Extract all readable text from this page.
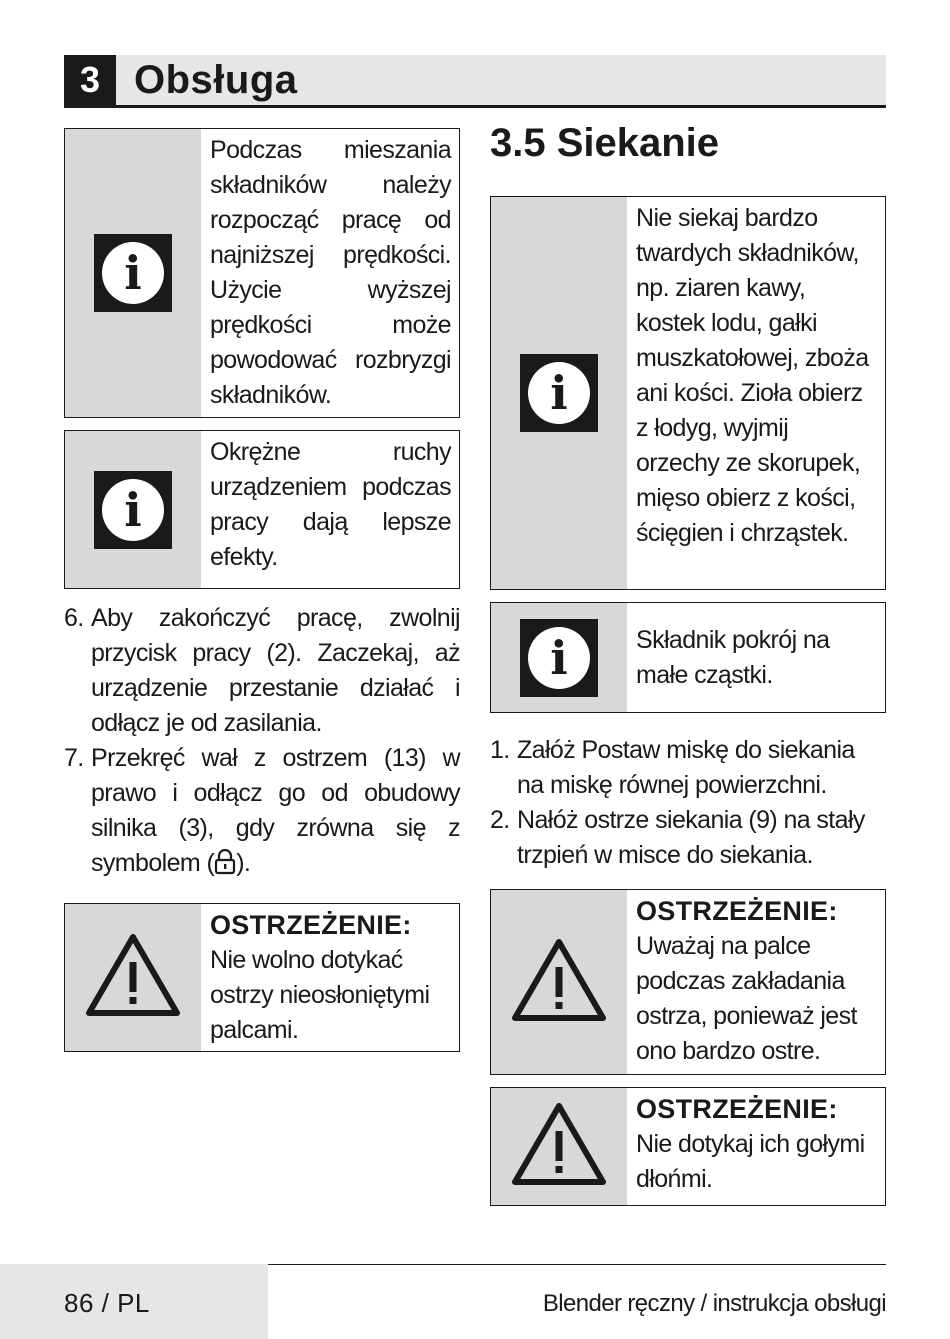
3 Obsługa
i
Podczas mieszania składników należy rozpocząć pracę od najniższej prędkości. Użycie wyższej prędkości może powodować rozbryzgi składników.
i
Okrężne ruchy urządzeniem podczas pracy dają lepsze efekty.
6. Aby zakończyć pracę, zwolnij przycisk pracy (2). Zaczekaj, aż urządzenie przestanie działać i odłącz je od zasilania.
7. Przekręć wał z ostrzem (13) w prawo i odłącz go od obudowy silnika (3), gdy zrówna się z symbolem ( ).
OSTRZEŻENIE:
Nie wolno dotykać ostrzy nieosłoniętymi palcami.
3.5 Siekanie
i
Nie siekaj bardzo twardych składników, np. ziaren kawy, kostek lodu, gałki muszkatołowej, zboża ani kości. Zioła obierz z łodyg, wyjmij orzechy ze skorupek, mięso obierz z kości, ścięgien i chrząstek.
i	Składnik pokrój na małe cząstki.
1. Załóż Postaw miskę do siekania na miskę równej powierzchni.
2. Nałóż ostrze siekania (9) na stały trzpień w misce do siekania.
OSTRZEŻENIE:
Uważaj na palce podczas zakładania ostrza, ponieważ jest ono bardzo ostre.
OSTRZEŻENIE:
Nie dotykaj ich gołymi dłońmi.
86 / PL	Blender ręczny / instrukcja obsługi
